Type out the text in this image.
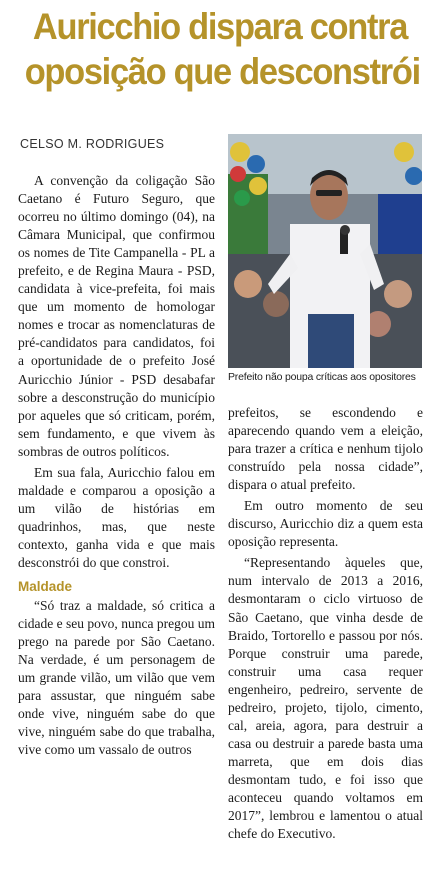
Auricchio dispara contra
oposição que desconstrói
CELSO M. RODRIGUES
Prefeito não poupa críticas aos opositores

A convenção da coligação São Caetano é Futuro Seguro, que ocorreu no último domingo (04), na Câmara Municipal, que confirmou os nomes de Tite Campanella - PL a prefeito, e de Regina Maura - PSD, candidata à vice-prefeita, foi mais que um momento de homologar nomes e trocar as nomenclaturas de pré-candidatos para candidatos, foi a oportunidade de o prefeito José Auricchio Júnior - PSD desabafar sobre a desconstrução do município por aqueles que só criticam, porém, sem fundamento, e que vivem às sombras de outros políticos.

Em sua fala, Auricchio falou em maldade e comparou a oposição a um vilão de histórias em quadrinhos, mas, que neste contexto, ganha vida e que mais desconstrói do que constroi.

Maldade

“Só traz a maldade, só critica a cidade e seu povo, nunca pregou um prego na parede por São Caetano. Na verdade, é um personagem de um grande vilão, um vilão que vem para assustar, que ninguém sabe onde vive, ninguém sabe do que vive, ninguém sabe do que trabalha, vive como um vassalo de outros

prefeitos, se escondendo e aparecendo quando vem a eleição, para trazer a crítica e nenhum tijolo construído pela nossa cidade”, dispara o atual prefeito.

Em outro momento de seu discurso, Auricchio diz a quem esta oposição representa.

“Representando àqueles que, num intervalo de 2013 a 2016, desmontaram o ciclo virtuoso de São Caetano, que vinha desde de Braido, Tortorello e passou por nós. Porque construir uma parede, construir uma casa requer engenheiro, pedreiro, servente de pedreiro, projeto, tijolo, cimento, cal, areia, agora, para destruir a casa ou destruir a parede basta uma marreta, que em dois dias desmontam tudo, e foi isso que aconteceu quando voltamos em 2017”, lembrou e lamentou o atual chefe do Executivo.
